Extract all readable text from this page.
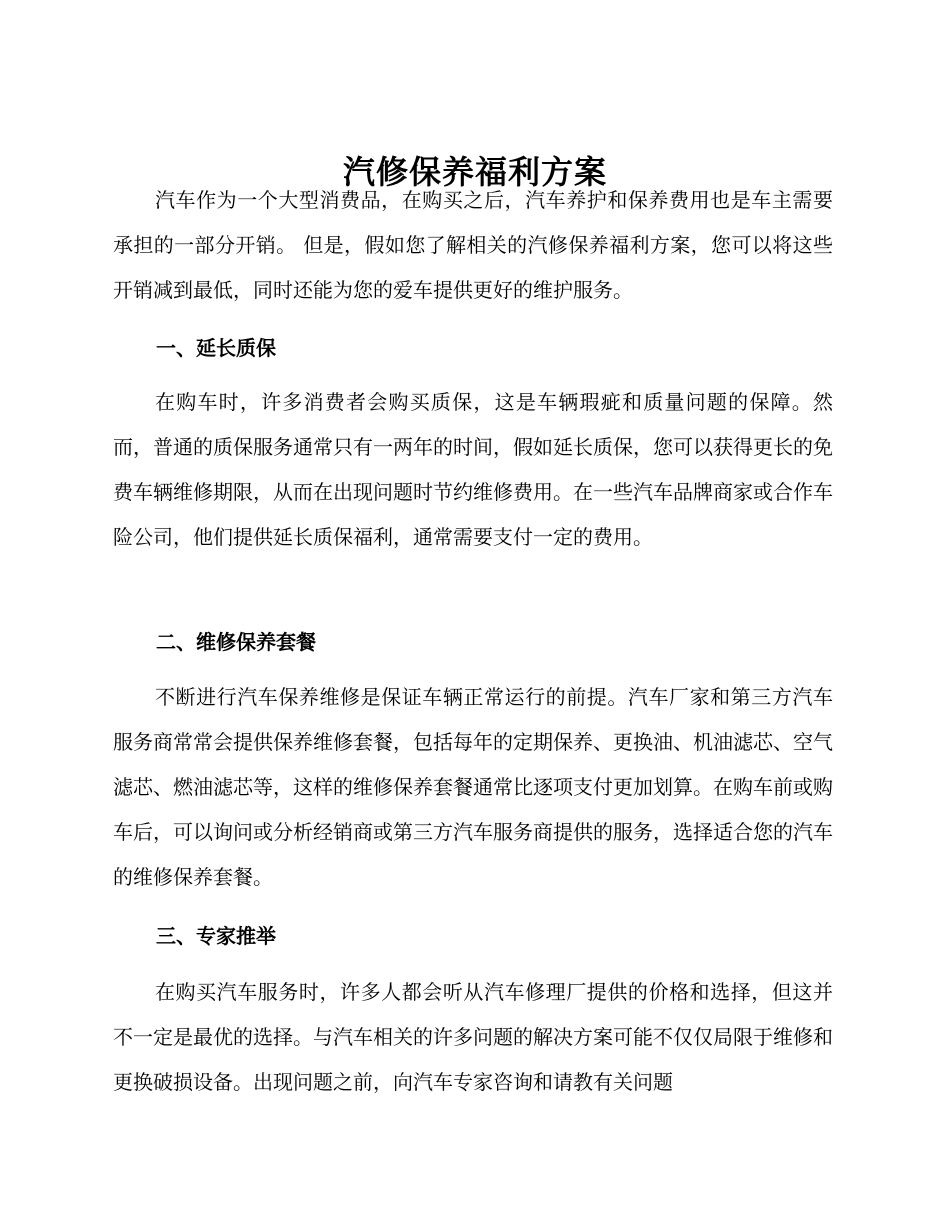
汽修保养福利方案

汽车作为一个大型消费品，在购买之后，汽车养护和保养费用也是车主需要承担的一部分开销。 但是，假如您了解相关的汽修保养福利方案，您可以将这些开销减到最低，同时还能为您的爱车提供更好的维护服务。

一、延长质保

在购车时，许多消费者会购买质保，这是车辆瑕疵和质量问题的保障。然而，普通的质保服务通常只有一两年的时间，假如延长质保，您可以获得更长的免费车辆维修期限，从而在出现问题时节约维修费用。在一些汽车品牌商家或合作车险公司，他们提供延长质保福利，通常需要支付一定的费用。

二、维修保养套餐

不断进行汽车保养维修是保证车辆正常运行的前提。汽车厂家和第三方汽车服务商常常会提供保养维修套餐，包括每年的定期保养、更换油、机油滤芯、空气滤芯、燃油滤芯等，这样的维修保养套餐通常比逐项支付更加划算。在购车前或购车后，可以询问或分析经销商或第三方汽车服务商提供的服务，选择适合您的汽车的维修保养套餐。

三、专家推举

在购买汽车服务时，许多人都会听从汽车修理厂提供的价格和选择，但这并不一定是最优的选择。与汽车相关的许多问题的解决方案可能不仅仅局限于维修和更换破损设备。出现问题之前，向汽车专家咨询和请教有关问题
